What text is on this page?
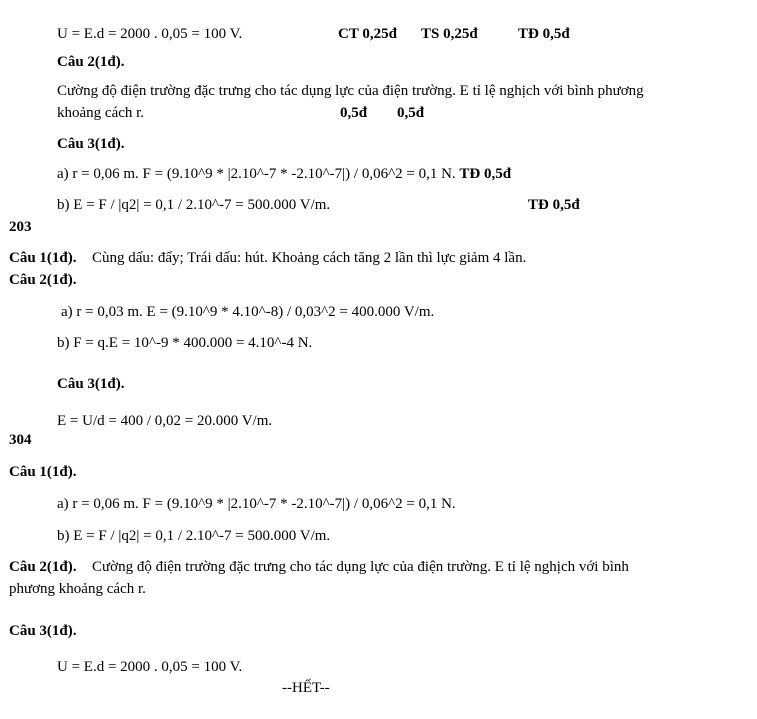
U = E.d = 2000 . 0,05 = 100 V.	CT 0,25đ TS 0,25đ	TĐ 0,5đ
Câu 2(1đ).
Cường độ điện trường đặc trưng cho tác dụng lực của điện trường. E tỉ lệ nghịch với bình phương
khoảng cách r.	0,5đ 0,5đ
Câu 3(1đ).
a) r = 0,06 m. F = (9.10^9 * |2.10^-7 * -2.10^-7|) / 0,06^2 = 0,1 N. TĐ 0,5đ
b) E = F / |q2| = 0,1 / 2.10^-7 = 500.000 V/m.	TĐ 0,5đ
203
Câu 1(1đ). Cùng dấu: đẩy; Trái dấu: hút. Khoảng cách tăng 2 lần thì lực giảm 4 lần.
Câu 2(1đ).
a) r = 0,03 m. E = (9.10^9 * 4.10^-8) / 0,03^2 = 400.000 V/m.
b) F = q.E = 10^-9 * 400.000 = 4.10^-4 N.
Câu 3(1đ).
E = U/d = 400 / 0,02 = 20.000 V/m.
304
Câu 1(1đ).
a) r = 0,06 m. F = (9.10^9 * |2.10^-7 * -2.10^-7|) / 0,06^2 = 0,1 N.
b) E = F / |q2| = 0,1 / 2.10^-7 = 500.000 V/m.
Câu 2(1đ). Cường độ điện trường đặc trưng cho tác dụng lực của điện trường. E tỉ lệ nghịch với bình
phương khoảng cách r.
Câu 3(1đ).
U = E.d = 2000 . 0,05 = 100 V.
--HẾT--
